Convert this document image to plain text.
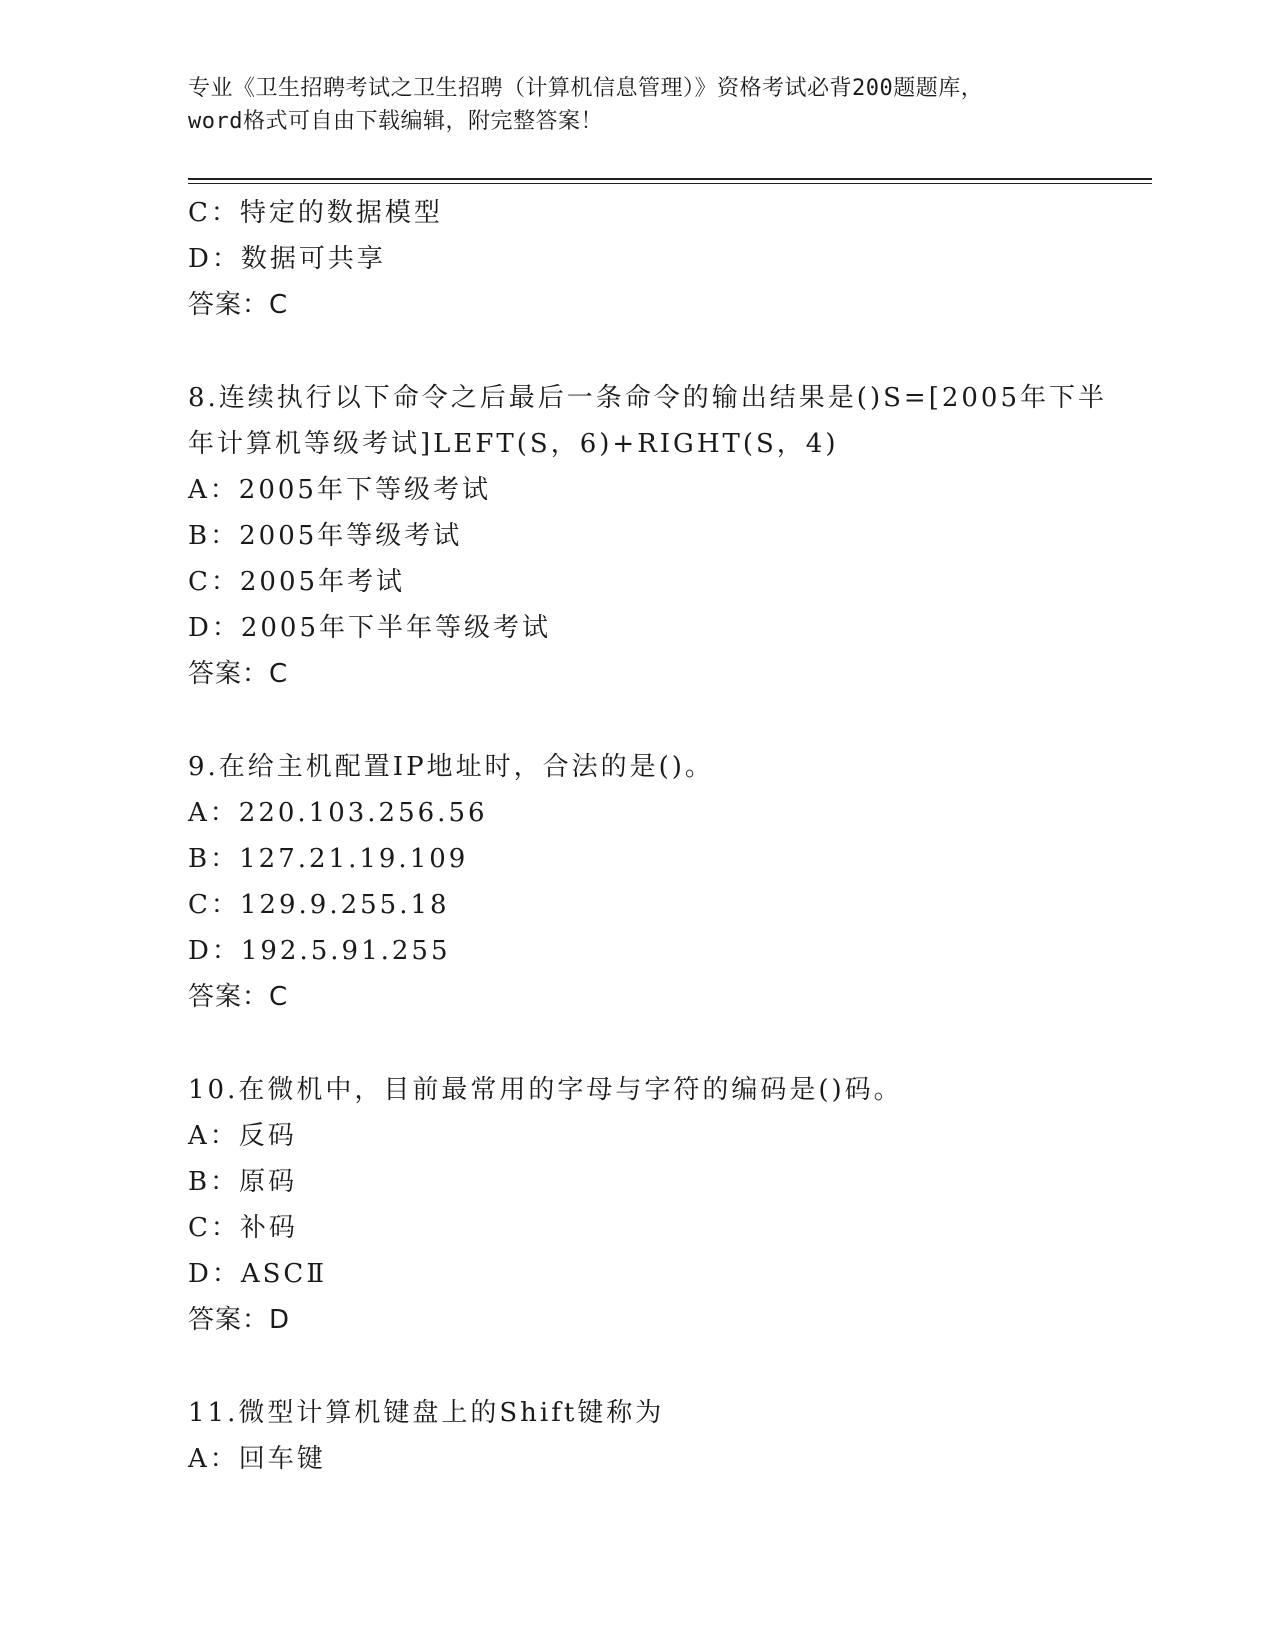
专业《卫生招聘考试之卫生招聘（计算机信息管理）》资格考试必背200题题库，
word格式可自由下载编辑，附完整答案！
C：特定的数据模型
D：数据可共享
答案：C
8.连续执行以下命令之后最后一条命令的输出结果是()S=[2005年下半
年计算机等级考试]LEFT(S，6)+RIGHT(S，4)
A：2005年下等级考试
B：2005年等级考试
C：2005年考试
D：2005年下半年等级考试
答案：C
9.在给主机配置IP地址时，合法的是()。
A：220.103.256.56
B：127.21.19.109
C：129.9.255.18
D：192.5.91.255
答案：C
10.在微机中，目前最常用的字母与字符的编码是()码。
A：反码
B：原码
C：补码
D：ASCⅡ
答案：D
11.微型计算机键盘上的Shift键称为
A：回车键
